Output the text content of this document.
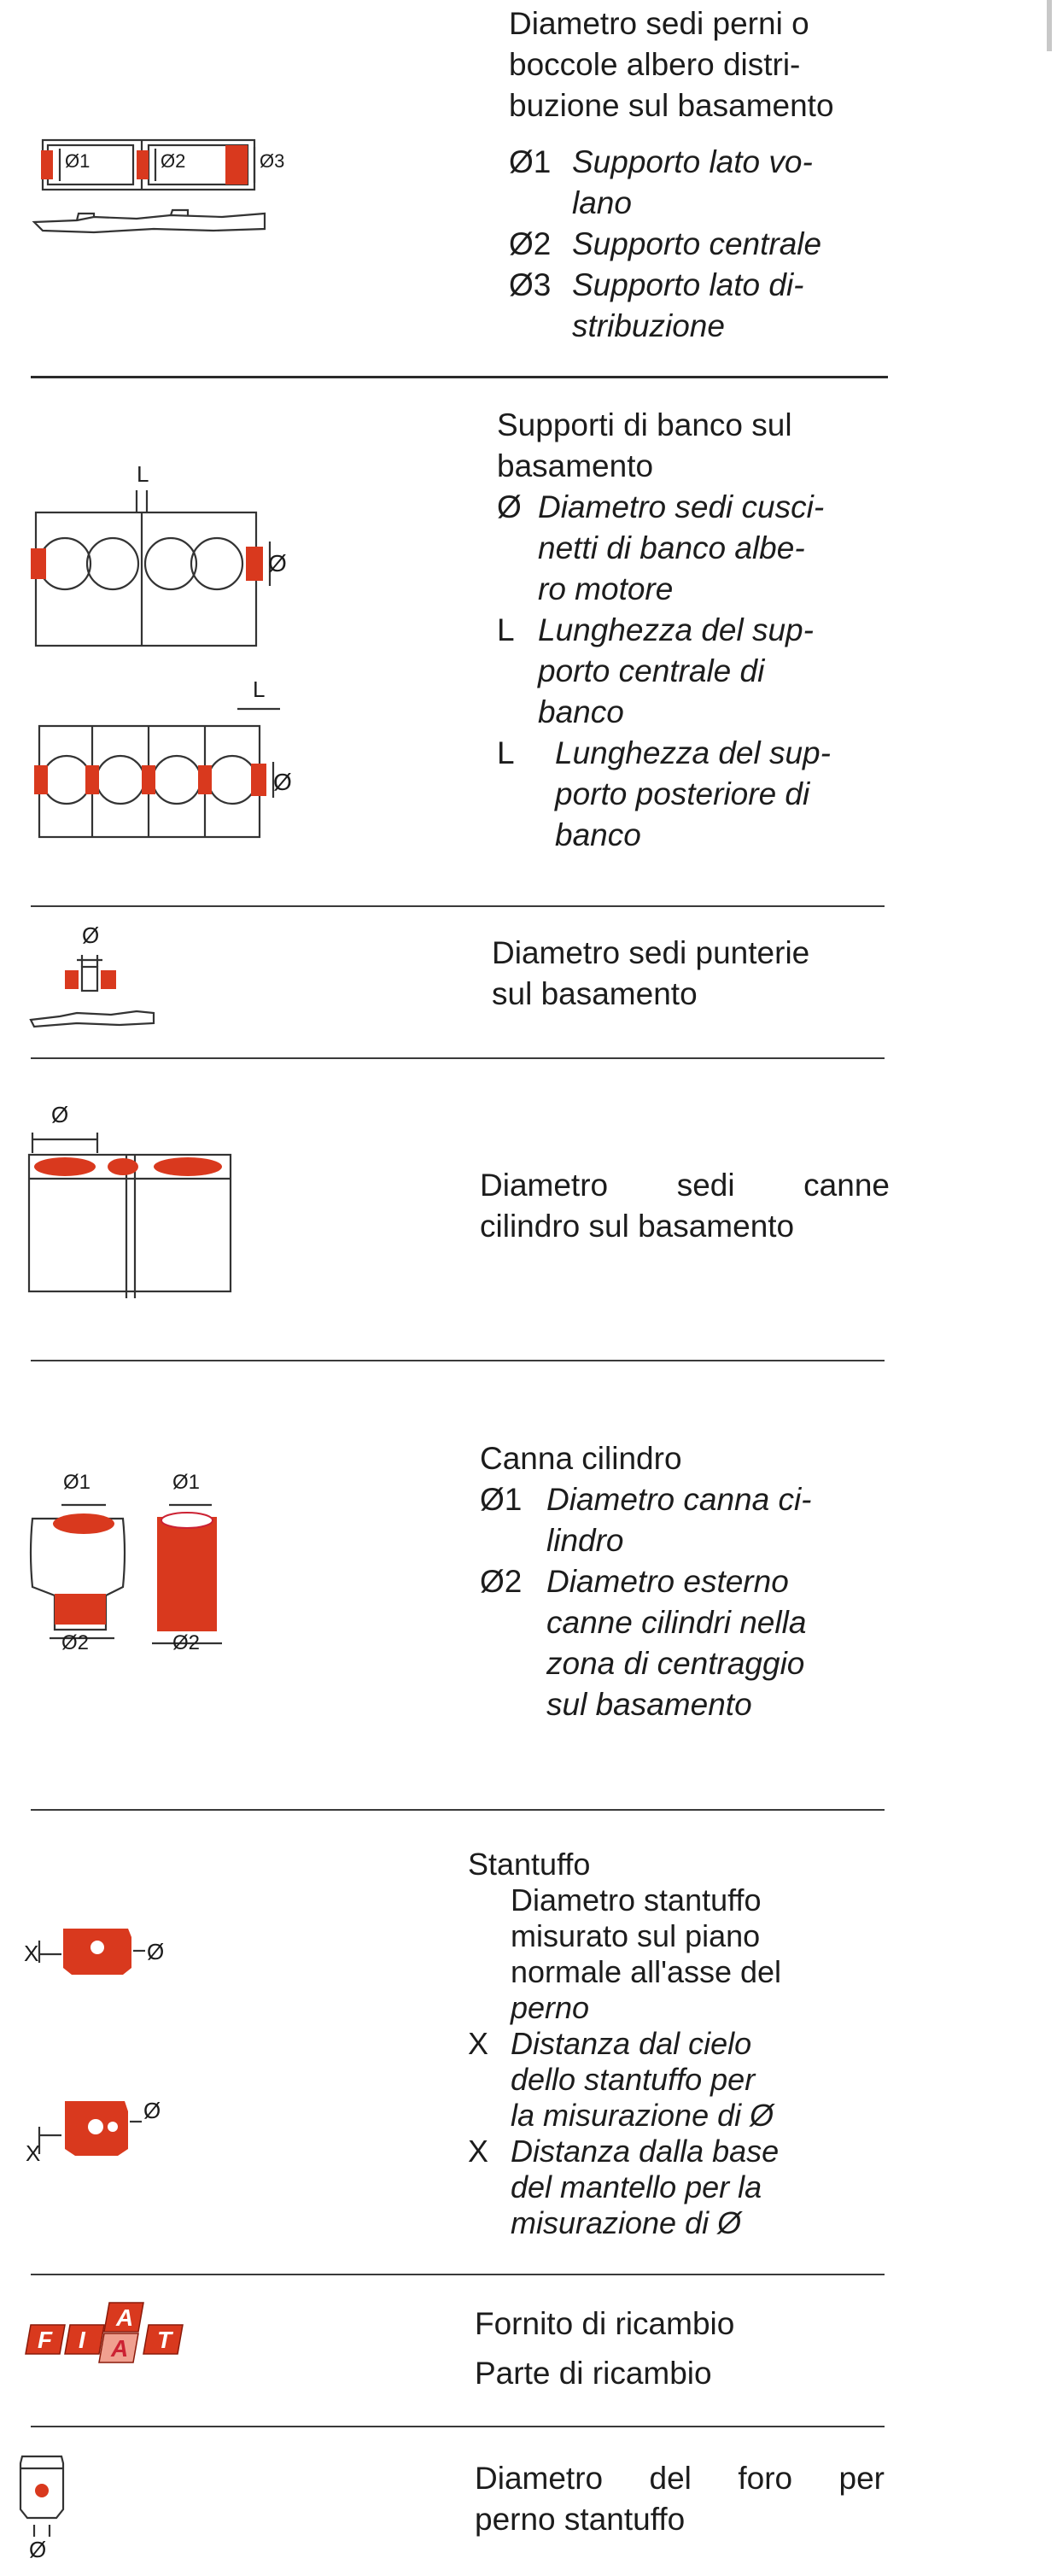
Ø1	Ø2	Ø3
Diametro sedi perni o
boccole albero distri-
buzione sul basamento
Ø1 Supporto lato vo-
lano
Ø2 Supporto centrale
Ø3 Supporto lato di-
stribuzione
L
Ø
L
Ø
Supporti di banco sul
basamento
Ø Diametro sedi cusci-
netti di banco albe-
ro motore
L Lunghezza del sup-
porto centrale di
banco
L	Lunghezza del sup-
porto posteriore di
banco
Ø	Diametro sedi punterie
sul basamento
Ø
Diametro sedi canne
cilindro sul basamento
Ø1
Ø2
Ø1
Ø2
Canna cilindro
Ø1 Diametro canna ci-
lindro
Ø2 Diametro esterno
canne cilindri nella
zona di centraggio
sul basamento
X	Ø
X
Ø
Stantuffo
Diametro stantuffo misurato sul piano normale all'asse del
perno
X Distanza dal cielo
dello stantuffo per
la misurazione di Ø
X Distanza dalla base
del mantello per la
misurazione di Ø
F I
A
A T	Fornito di ricambio
Parte di ricambio
Ø
Diametro del foro per
perno stantuffo
